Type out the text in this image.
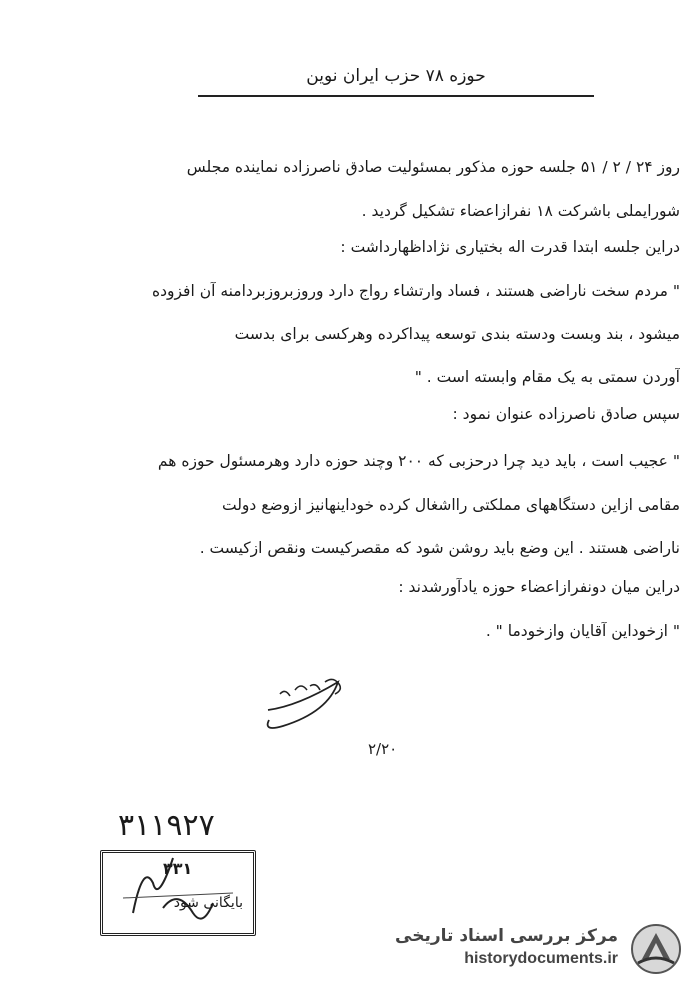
حوزه ۷۸ حزب ایران نوین
روز ۲۴ / ۲ / ۵۱ جلسه حوزه مذکور بمسئولیت صادق ناصرزاده نماینده مجلس
شورایملی باشرکت ۱۸ نفرازاعضاء تشکیل گردید .
دراین جلسه ابتدا قدرت اله بختیاری نژاداظهارداشت :
" مردم سخت ناراضی هستند ، فساد وارتشاء رواج دارد وروزبروزبردامنه آن افزوده
میشود ، بند وبست ودسته بندی توسعه پیداکرده وهرکسی برای بدست
آوردن سمتی به یک مقام وابسته است . "
سپس صادق ناصرزاده عنوان نمود :
" عجیب است ، باید دید چرا درحزبی که ۲۰۰ وچند حوزه دارد وهرمسئول حوزه هم
مقامی ازاین دستگاههای مملکتی رااشغال کرده خوداینهانیز ازوضع دولت
ناراضی هستند . این وضع باید روشن شود که مقصرکیست ونقص ازکیست .
دراین میان دونفرازاعضاء حوزه یادآورشدند :
" ازخوداین آقایان وازخودما " .
۲/۲۰
۳۱۱۹۲۷
۳۳۱
بایگانی شود
مرکز بررسی اسناد تاریخی
historydocuments.ir
